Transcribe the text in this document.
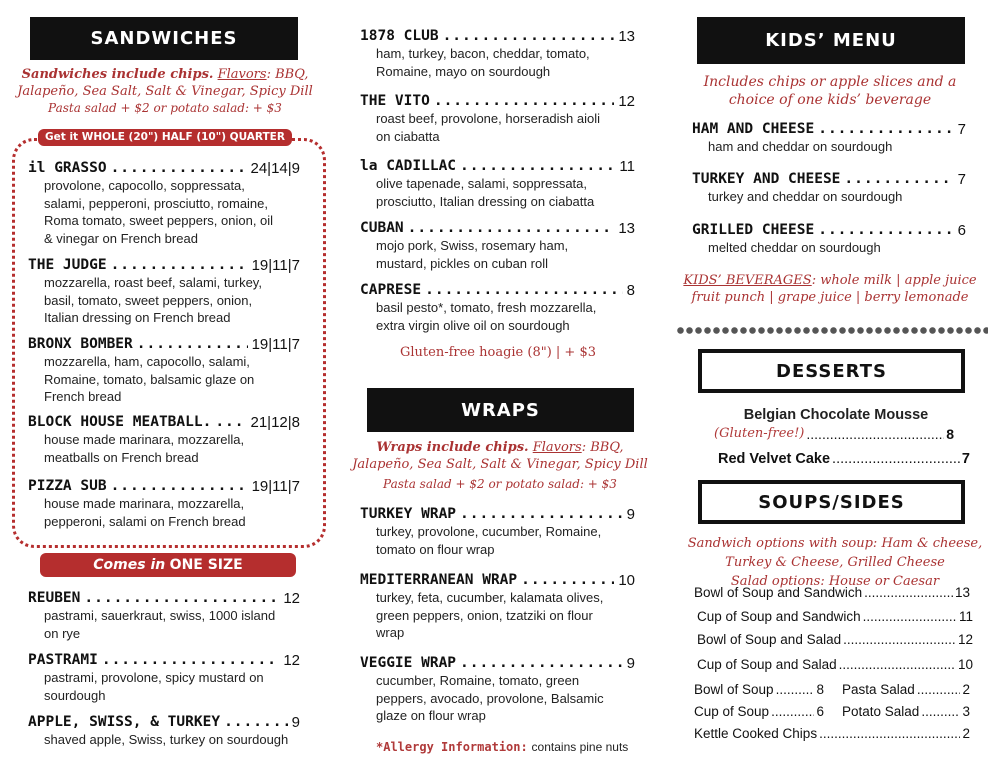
SANDWICHES
Sandwiches include chips. Flavors: BBQ,
Jalapeño, Sea Salt, Salt & Vinegar, Spicy Dill
Pasta salad + $2 or potato salad: + $3
Get it WHOLE (20") HALF (10") QUARTER (5")
il GRASSO .....	24|14|9
provolone, capocollo, soppressata,
salami, pepperoni, prosciutto, romaine,
Roma tomato, sweet peppers, onion, oil
& vinegar on French bread
THE JUDGE .....	19|11|7
mozzarella, roast beef, salami, turkey,
basil, tomato, sweet peppers, onion,
Italian dressing on French bread
BRONX BOMBER .....	19|11|7
mozzarella, ham, capocollo, salami,
Romaine, tomato, balsamic glaze on
French bread
BLOCK HOUSE MEATBALL. .....	21|12|8
house made marinara, mozzarella,
meatballs on French bread
PIZZA SUB .....	19|11|7
house made marinara, mozzarella,
pepperoni, salami on French bread
REUBEN .....	12
pastrami, sauerkraut, swiss, 1000 island
on rye
PASTRAMI .....	12
pastrami, provolone, spicy mustard on
sourdough
APPLE, SWISS, & TURKEY .....	9
shaved apple, Swiss, turkey on sourdough
Comes in ONE SIZE
Gluten-free hoagie (8") | + $3
WRAPS
Wraps include chips. Flavors: BBQ,
Jalapeño, Sea Salt, Salt & Vinegar, Spicy Dill
Pasta salad + $2 or potato salad: + $3
*Allergy Information: contains pine nuts
1878 CLUB .....	13
ham, turkey, bacon, cheddar, tomato,
Romaine, mayo on sourdough
THE VITO .....	12
roast beef, provolone, horseradish aioli
on ciabatta
la CADILLAC .....	11
olive tapenade, salami, soppressata,
prosciutto, Italian dressing on ciabatta
CUBAN .....	13
mojo pork, Swiss, rosemary ham,
mustard, pickles on cuban roll
CAPRESE .....	8
basil pesto*, tomato, fresh mozzarella,
extra virgin olive oil on sourdough
TURKEY WRAP .....	9
turkey, provolone, cucumber, Romaine,
tomato on flour wrap
MEDITERRANEAN WRAP .....	10
turkey, feta, cucumber, kalamata olives,
green peppers, onion, tzatziki on flour
wrap
VEGGIE WRAP .....	9
cucumber, Romaine, tomato, green
peppers, avocado, provolone, Balsamic
glaze on flour wrap
HAM AND CHEESE .....	7
ham and cheddar on sourdough
TURKEY AND CHEESE .....	7
turkey and cheddar on sourdough
GRILLED CHEESE .....	6
melted cheddar on sourdough
KIDS’ MENU
Includes chips or apple slices and a
choice of one kids’ beverage
KIDS’ BEVERAGES: whole milk | apple juice
fruit punch | grape juice | berry lemonade
DESSERTS
Belgian Chocolate Mousse
(Gluten-free!) .....	8
Red Velvet Cake .....	7
SOUPS/SIDES
Sandwich options with soup: Ham & cheese,
Turkey & Cheese, Grilled Cheese
Salad options: House or Caesar
Bowl of Soup and Sandwich .....	13
Cup of Soup and Sandwich .....	11
Bowl of Soup and Salad .....	12
Cup of Soup and Salad .....	10
Bowl of Soup .....	8 Pasta Salad .....	2
Cup of Soup .....	6 Potato Salad .....	3
Kettle Cooked Chips .....	2
